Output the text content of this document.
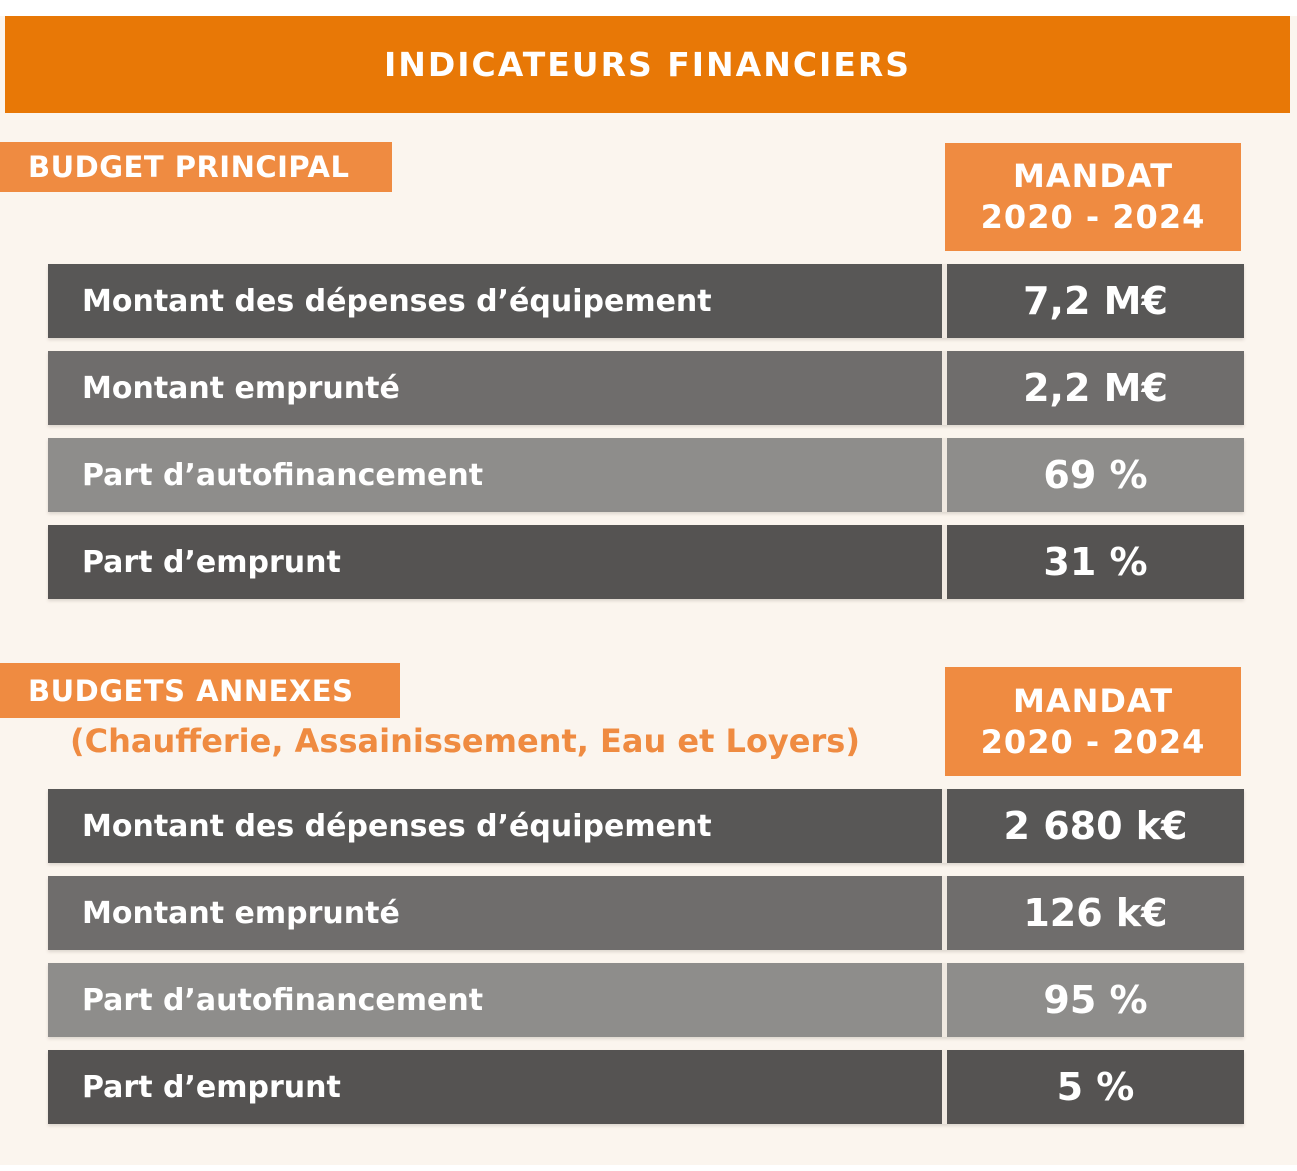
INDICATEURS FINANCIERS
BUDGET PRINCIPAL	MANDAT
2020 - 2024
Montant des dépenses d’équipement	7,2 M€
Montant emprunté	2,2 M€
Part d’autofinancement	69 %
Part d’emprunt	31 %
BUDGETS ANNEXES
(Chaufferie, Assainissement, Eau et Loyers)
MANDAT
2020 - 2024
Montant des dépenses d’équipement	2 680 k€
Montant emprunté	126 k€
Part d’autofinancement	95 %
Part d’emprunt	5 %
